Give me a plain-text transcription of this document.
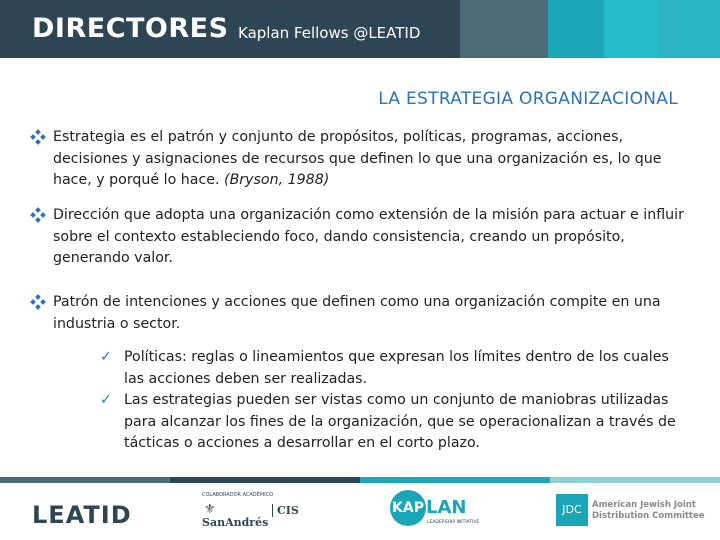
DIRECTORES Kaplan Fellows @LEATID
LA ESTRATEGIA ORGANIZACIONAL
Estrategia es el patrón y conjunto de propósitos, políticas, programas, acciones, decisiones y asignaciones de recursos que definen lo que una organización es, lo que hace, y porqué lo hace. (Bryson, 1988)
Dirección que adopta una organización como extensión de la misión para actuar e influir sobre el contexto estableciendo foco, dando consistencia, creando un propósito, generando valor.
Patrón de intenciones y acciones que definen como una organización compite en una industria o sector.
✓ Políticas: reglas o lineamientos que expresan los límites dentro de los cuales las acciones deben ser realizadas.
✓ Las estrategias pueden ser vistas como un conjunto de maniobras utilizadas para alcanzar los fines de la organización, que se operacionalizan a través de tácticas o acciones a desarrollar en el corto plazo.
LEATID
COLABORADOR ACADÉMICO
⚜
SanAndrés
CIS	KAP LAN
LEADERSHIP INITIATIVE
JDC	American Jewish Joint
Distribution Committee
